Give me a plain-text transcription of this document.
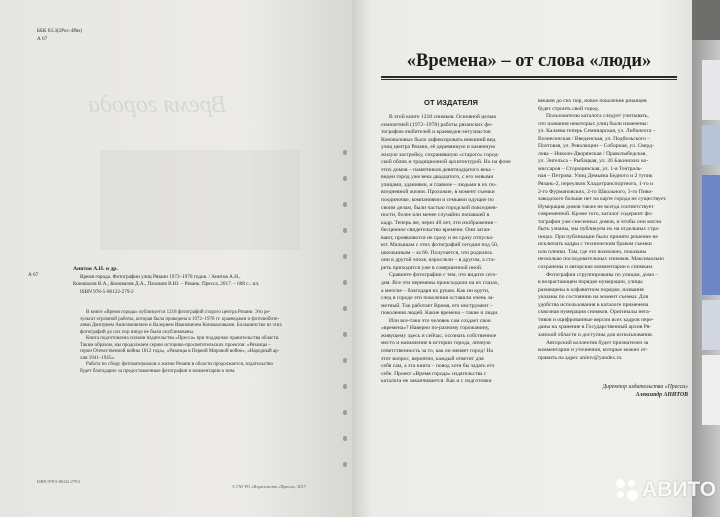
Время города
ББК 63.3(2Рос-4Ряз)
А 67
А 67
Анитов А.Н. и др.
Время города. Фотографии улиц Рязани 1972–1978 годов. / Анитов А.Н.,
Коновалов В.А., Коновалов Д.А., Пахомов В.Ю. – Рязань: Пресса, 2017. – 608 с.: ил.
ISBN 978-5-86122-279-2
В книге «Время города» публикуется 1218 фотографий старого центра Рязани. Это ре-
зультат огромной работы, которая была проведена в 1972–1978 гг. краеведами и фотолюбите-
лями Дмитрием Анисимовичем и Валерием Ивановичем Коноваловыми. Большинство из этих
фотографий до сих пор нигде не были опубликованы.
Книга подготовлена силами издательства «Пресса» при поддержке правительства области.
Таким образом, мы продолжаем серию историко-просветительских проектов: «Рязанцы –
герои Отечественной войны 1812 года», «Рязанцы в Первой Мировой войне», «Народный ар-
хив 1941–1945».
Работа по сбору фотоматериалов о жизни Рязани в области продолжается, издательство
будет благодарно за предоставленные фотографии и комментарии к ним.
ISBN 978-5-86122-279-2
© ГАУ РО «Издательство «Пресса», 2017
«Времена» – от слова «люди»
ОТ ИЗДАТЕЛЯ
В этой книге 1218 снимков. Основной целью
семилетней (1972–1978) работы рязанских фо-
тографов-любителей и краеведов-энтузиастов
Коноваловых было зафиксировать внешний вид
улиц центра Рязани, её деревянную и каменную
жилую застройку, сохранявшую «старого» город-
ской облик и традиционной архитектурой. Но на фоне
этих домов – памятников девятнадцатого века –
виден город уже века двадцатого, с его новыми
улицами, зданиями, и главное – людьми в их по-
вседневной жизни. Прохожие, в момент съемки
поодиночке, компаниями и семьями идущие по
своим делам, были частью городской повседнев-
ности, более или менее случайно попавшей в
кадр. Теперь же, через 40 лет, эти изображения –
бесценное свидетельство времени. Они затаи-
вают, проявляются не сразу и не сразу отпуска-
ют. Малышам с этих фотографий сегодня под 50,
школьникам – за 60. Получается, что родились
они в другой эпохе, взрослели – в другом, а ста-
реть приходится уже в совершенной иной.
Сравните фотографии с тем, что видите сего-
дня. Все эти перемены происходили на их глазах,
а многие – благодаря их рукам. Как ни крути,
след в городе эти поколения оставили очень за-
метный. Так работает Время, его инструмент –
поколения людей. Какие времена – такие и люди.
Или все-таки это человек сам создает свои
«времена»? Наверно по-разному горожанину,
живущему здесь и сейчас, осознать собственное
место и назначение в истории города, личную
ответственность за то, как он меняет город! На
этот вопрос, вероятно, каждый ответит для
себя сам, а эта книга – повод хотя бы задать его
себе. Проект «Время города» издательства с
каталога не заканчивается. Как и с подготовки
веками до сих пор, новое поколение рязанцев
будет строить свой город.
Пользователю каталога следует учитывать,
что названия некоторых улиц были изменены:
ул. Калаева теперь Семинарская, ул. Либкнехта –
Вознесенская / Введенская, ул. Подбельского –
Почтовая, ул. Революции – Соборная, ул. Сверд-
лова – Николо-Дворянская / Праволыбедская,
ул. Энгельса – Рыбацкая, ул. 26 Бакинских ко-
миссаров – Стороцинская, ул. 1-я Театраль-
ная – Петрова. Улиц Демьяна Бедного и 2 тупик
Рязань-2, переулков Хладотранспортного, 1-го и
2-го Фурмановских, 2-го Школьного, 3-го Пиво-
заводского больше нет на карте города не существует.
Нумерация домов также не всегда соответствует
современной. Кроме того, каталог содержит фо-
тографии уже снесенных домов, и чтобы они могли
быть узнаны, мы публикуем их на отдельных стра-
ницах. При публикации было принято решение не
исключать кадры с техническим браком съемки
или пленки. Там, где это возможно, показаны
несколько последовательных снимков. Максимально
сохранены и авторские комментарии к снимкам.
Фотографии сгруппированы по улицам, дома –
в возрастающем порядке нумерации, улицы
размещены в алфавитном порядке, названия
указаны по состоянию на момент съемки. Для
удобства использования в каталоге применена
сквозная нумерация снимков. Оригиналы нега-
тивов и оцифрованные версии всех кадров пере-
даны на хранение в Государственный архив Ря-
занской области и доступны для использования.
Авторский коллектив будет признателен за
комментарии и уточнения, которые можно от-
править на адрес anitov@yandex.ru.
Директор издательства «Пресса»
Александр АНИТОВ
АВИТО
